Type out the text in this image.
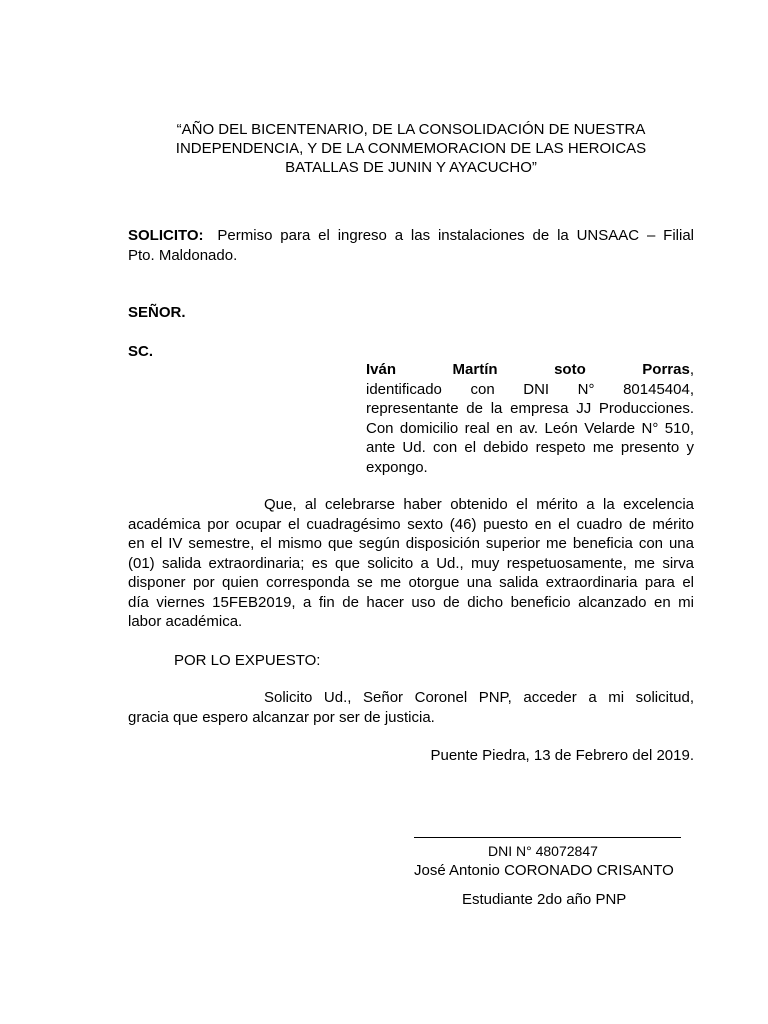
“AÑO DEL BICENTENARIO, DE LA CONSOLIDACIÓN DE NUESTRA
INDEPENDENCIA, Y DE LA CONMEMORACION DE LAS HEROICAS
BATALLAS DE JUNIN Y AYACUCHO”
SOLICITO: Permiso para el ingreso a las instalaciones de la UNSAAC – Filial
Pto. Maldonado.
SEÑOR.
SC.
Iván Martín soto Porras,
identificado con DNI N° 80145404,
representante de la empresa JJ Producciones.
Con domicilio real en av. León Velarde N° 510,
ante Ud. con el debido respeto me presento y
expongo.
Que, al celebrarse haber obtenido el mérito a la excelencia
académica por ocupar el cuadragésimo sexto (46) puesto en el cuadro de mérito
en el IV semestre, el mismo que según disposición superior me beneficia con una
(01) salida extraordinaria; es que solicito a Ud., muy respetuosamente, me sirva
disponer por quien corresponda se me otorgue una salida extraordinaria para el
día viernes 15FEB2019, a fin de hacer uso de dicho beneficio alcanzado en mi
labor académica.
POR LO EXPUESTO:
Solicito Ud., Señor Coronel PNP, acceder a mi solicitud,
gracia que espero alcanzar por ser de justicia.
Puente Piedra, 13 de Febrero del 2019.
DNI N° 48072847
José Antonio CORONADO CRISANTO
Estudiante 2do año PNP
